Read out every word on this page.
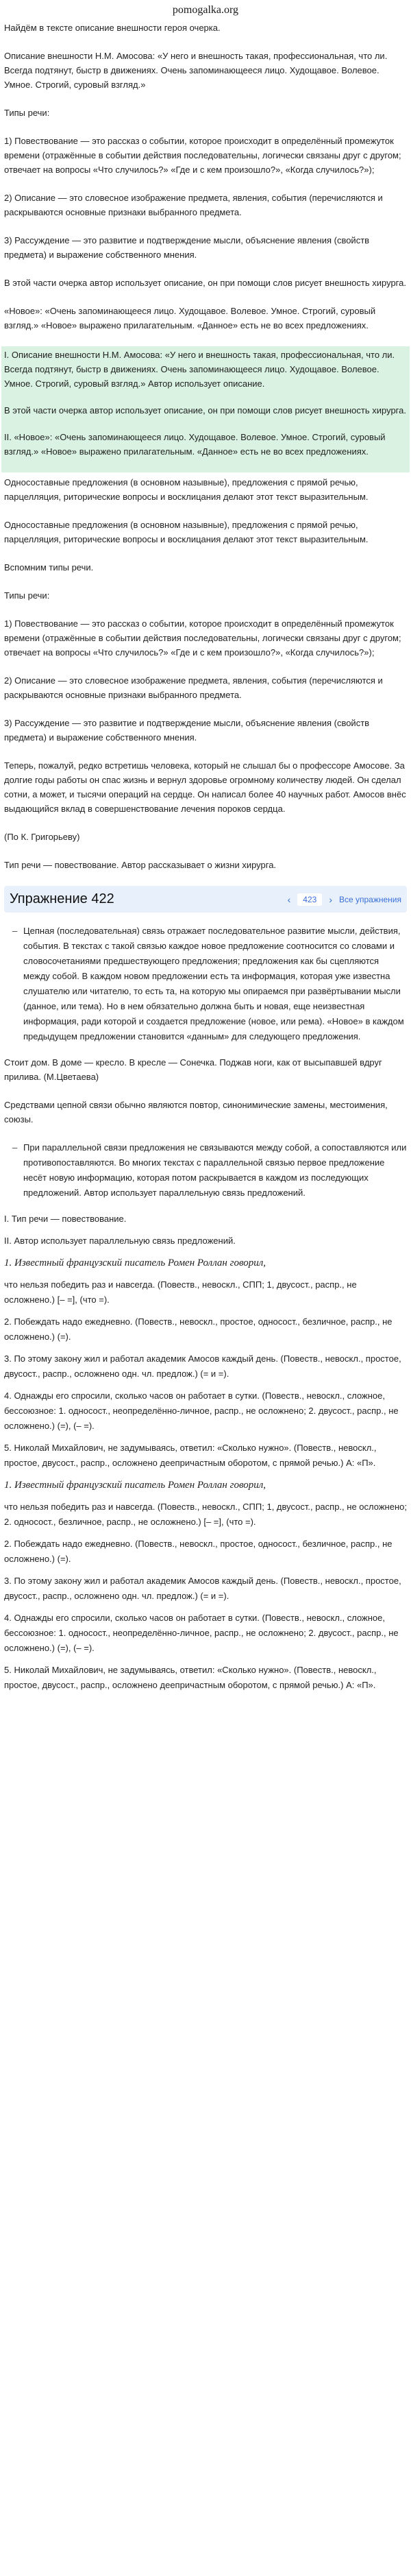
pomogalka.org

Найдём в тексте описание внешности героя очерка.

Описание внешности Н.М. Амосова: «У него и внешность такая, профессиональная, что ли. Всегда подтянут, быстр в движениях. Очень запоминающееся лицо. Худощавое. Волевое. Умное. Строгий, суровый взгляд.»

Типы речи:

1) Повествование — это рассказ о событии, которое происходит в определённый промежуток времени (отражённые в событии действия последовательны, логически связаны друг с другом; отвечает на вопросы «Что случилось?» «Где и с кем произошло?», «Когда случилось?»);

2) Описание — это словесное изображение предмета, явления, события (перечисляются и раскрываются основные признаки выбранного предмета.

3) Рассуждение — это развитие и подтверждение мысли, объяснение явления (свойств предмета) и выражение собственного мнения.

В этой части очерка автор использует описание, он при помощи слов рисует внешность хирурга.

«Новое»: «Очень запоминающееся лицо. Худощавое. Волевое. Умное. Строгий, суровый взгляд.» «Новое» выражено прилагательным. «Данное» есть не во всех предложениях.

I. Описание внешности Н.М. Амосова: «У него и внешность такая, профессиональная, что ли. Всегда подтянут, быстр в движениях. Очень запоминающееся лицо. Худощавое. Волевое. Умное. Строгий, суровый взгляд.» Автор использует описание.

В этой части очерка автор использует описание, он при помощи слов рисует внешность хирурга.

II. «Новое»: «Очень запоминающееся лицо. Худощавое. Волевое. Умное. Строгий, суровый взгляд.» «Новое» выражено прилагательным. «Данное» есть не во всех предложениях.

Односоставные предложения (в основном назывные), предложения с прямой речью, парцелляция, риторические вопросы и восклицания делают этот текст выразительным.

Односоставные предложения (в основном назывные), предложения с прямой речью, парцелляция, риторические вопросы и восклицания делают этот текст выразительным.

Вспомним типы речи.

Типы речи:

1) Повествование — это рассказ о событии, которое происходит в определённый промежуток времени (отражённые в событии действия последовательны, логически связаны друг с другом; отвечает на вопросы «Что случилось?» «Где и с кем произошло?», «Когда случилось?»);

2) Описание — это словесное изображение предмета, явления, события (перечисляются и раскрываются основные признаки выбранного предмета.

3) Рассуждение — это развитие и подтверждение мысли, объяснение явления (свойств предмета) и выражение собственного мнения.

Теперь, пожалуй, редко встретишь человека, который не слышал бы о профессоре Амосове. За долгие годы работы он спас жизнь и вернул здоровье огромному количеству людей. Он сделал сотни, а может, и тысячи операций на сердце. Он написал более 40 научных работ. Амосов внёс выдающийся вклад в совершенствование лечения пороков сердца.

(По К. Григорьеву)

Тип речи — повествование. Автор рассказывает о жизни хирурга.

Упражнение 422	‹	423	› Все упражнения
– Цепная (последовательная) связь отражает последовательное развитие мысли, действия, события. В текстах с такой связью каждое новое предложение соотносится со словами и словосочетаниями предшествующего предложения; предложения как бы сцепляются между собой. В каждом новом предложении есть та информация, которая уже известна слушателю или читателю, то есть та, на которую мы опираемся при развёртывании мысли (данное, или тема). Но в нем обязательно должна быть и новая, еще неизвестная информация, ради которой и создается предложение (новое, или рема). «Новое» в каждом предыдущем предложении становится «данным» для следующего предложения.

Стоит дом. В доме — кресло. В кресле — Сонечка. Поджав ноги, как от высыпавшей вдруг прилива. (М.Цветаева)

Средствами цепной связи обычно являются повтор, синонимические замены, местоимения, союзы.

– При параллельной связи предложения не связываются между собой, а сопоставляются или противопоставляются. Во многих текстах с параллельной связью первое предложение несёт новую информацию, которая потом раскрывается в каждом из последующих предложений. Автор использует параллельную связь предложений.
I. Тип речи — повествование.
II. Автор использует параллельную связь предложений.
1. Известный французский писатель Ромен Роллан говорил,
что нельзя победить раз и навсегда. (Повеств., невоскл., СПП; 1, двусост., распр., не осложнено.) [– =], (что =).
2. Побеждать надо ежедневно. (Повеств., невоскл., простое, односост., безличное, распр., не осложнено.) (=).
3. По этому закону жил и работал академик Амосов каждый день. (Повеств., невоскл., простое, двусост., распр., осложнено одн. чл. предлож.) (= и =).
4. Однажды его спросили, сколько часов он работает в сутки. (Повеств., невоскл., сложное, бессоюзное: 1. односост., неопределённо-личное, распр., не осложнено; 2. двусост., распр., не осложнено.) (=), (– =).
5. Николай Михайлович, не задумываясь, ответил: «Сколько нужно». (Повеств., невоскл., простое, двусост., распр., осложнено деепричастным оборотом, с прямой речью.) А: «П».
1. Известный французский писатель Ромен Роллан говорил,
что нельзя победить раз и навсегда. (Повеств., невоскл., СПП; 1, двусост., распр., не осложнено; 2. односост., безличное, распр., не осложнено.) [– =], (что =).
2. Побеждать надо ежедневно. (Повеств., невоскл., простое, односост., безличное, распр., не осложнено.) (=).
3. По этому закону жил и работал академик Амосов каждый день. (Повеств., невоскл., простое, двусост., распр., осложнено одн. чл. предлож.) (= и =).
4. Однажды его спросили, сколько часов он работает в сутки. (Повеств., невоскл., сложное, бессоюзное: 1. односост., неопределённо-личное, распр., не осложнено; 2. двусост., распр., не осложнено.) (=), (– =).
5. Николай Михайлович, не задумываясь, ответил: «Сколько нужно». (Повеств., невоскл., простое, двусост., распр., осложнено деепричастным оборотом, с прямой речью.) А: «П».
